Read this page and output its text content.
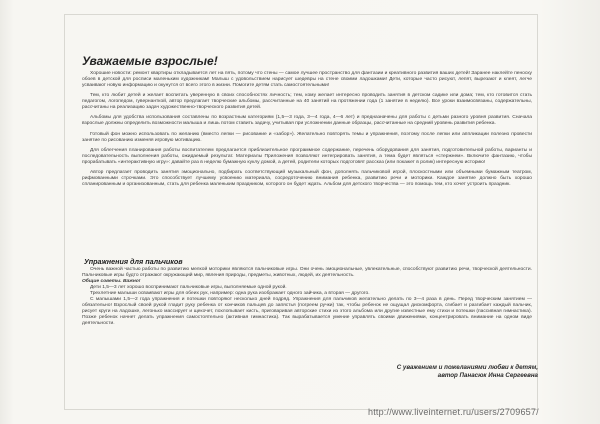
Уважаемые взрослые!

Хорошие новости: ремонт квартиры откладывается лет на пять, потому что стены — самое лучшее пространство для фантазии и креативного развития ваших детей! Заранее наклейте пеноску обоев в детской для росписи маленьким художникам! Малыш с удовольствием нарисует шедевры на стене своими ладошками! Дети, которые часто рисуют, лепят, вырезают и клеят, легче усваивают новую информацию и окунутся от всего этого в жизни. Помогите детям стать самостоятельными!

Тем, кто любит детей и желает воспитать уверенную в своих способностях личность; тем, кому желает интересно проводить занятия в детском садике или дома; тем, кто готовится стать педагогом, логопедом, гувернанткой, автор предлагает творческие альбомы, рассчитанные на 40 занятий на протяжении года (1 занятие в неделю). Все уроки взаимосвязаны, содержательны, рассчитаны на реализацию задач художественно-творческого развития детей.

Альбомы для удобства использования составлены по возрастным категориям (1,5—3 года, 3—4 года, 4—6 лет) и предназначены для работы с детьми разного уровня развития. Сначала взрослые должны определить возможности малыша и лишь потом ставить задачу, учитывая при усложнении данные образцы, рассчитанные на средний уровень развития ребенка.

Готовый фон можно использовать по желанию (вместо лепки — рисование и «забор»). Желательно повторять темы и упражнения, поэтому после лепки или аппликации полезно провести занятие по рисованию изменяя игровую мотивацию.

Для облегчения планирования работы воспитателем предлагается приблизительное программное содержание, перечень оборудования для занятия, подготовительной работы, варианты и последовательность выполнения работы, ожидаемый результат. Материалы Приложения позволяют интегрировать занятия, а тема будет являться «стержнем». Включите фантазию, чтобы прорабатывать «интерактивную игру»: давайте раз в неделю бумажную куклу домой, а детей, родители которых подготовят рассказ (или покажет в ролик) интересную историю!

Автор предлагает проводить занятия эмоционально, подбирать соответствующий музыкальный фон, дополнять пальчиковой игрой, плоскостными или объемными бумажным театром, рифмованными строчками. Это способствует лучшему усвоению материала, сосредоточению внимания ребенка, развитию речи и моторики. Каждое занятие должно быть хорошо спланированным и организованным, стать для ребенка маленьким праздником, которого он будет ждать. Альбом для детского творчества — это помощь тем, кто хочет устроить праздник.

Упражнения для пальчиков

Очень важной частью работы по развитию мелкой моторики являются пальчиковые игры. Они очень эмоциональные, увлекательные, способствуют развитию речи, творческой деятельности. Пальчиковые игры будто отражают окружающий мир, явления природы, предметы, животных, людей, их деятельность.

Общие советы. Важно!

Дети 1,5—3 лет хорошо воспринимают пальчиковые игры, выполняемые одной рукой.

Трехлетние малыши осваивают игры для обеих рук, например: одна рука изображает одного зайчика, а вторая — другого.

С малышами 1,5—2 года упражнения и потешки повторяют несколько дней подряд. Упражнения для пальчиков желательно делать по 3—4 раза в день. Перед творческим занятием — обязательно! Взрослый своей рукой гладит руку ребенка от кончиков пальцев до запястья (погреем ручки) так, чтобы ребенок не ощущал дискомфорта, сгибает и разгибает каждый пальчик, рисует круги на ладошке, легонько массирует и щекочет, похлопывает кисть, приговаривая авторские стихи из этого альбома или другие известные ему стихи и потешки (пассивная гимнастика). Позже ребенок начнет делать упражнения самостоятельно (активная гимнастика). Так вырабатывается умение управлять своими движениями, концентрировать внимание на одном виде деятельности.

С уважением и пожеланиями любви к детям,
автор Панасюк Инна Сергеевна
http://www.liveinternet.ru/users/2709657/
